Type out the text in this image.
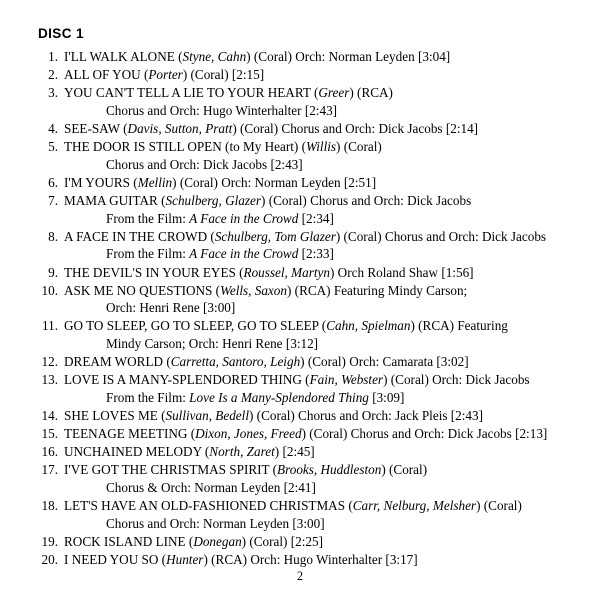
DISC 1
1. I'LL WALK ALONE (Styne, Cahn) (Coral) Orch: Norman Leyden [3:04]
2. ALL OF YOU (Porter) (Coral) [2:15]
3. YOU CAN'T TELL A LIE TO YOUR HEART (Greer) (RCA)
Chorus and Orch: Hugo Winterhalter [2:43]
4. SEE-SAW (Davis, Sutton, Pratt) (Coral) Chorus and Orch: Dick Jacobs [2:14]
5. THE DOOR IS STILL OPEN (to My Heart) (Willis) (Coral)
Chorus and Orch: Dick Jacobs [2:43]
6. I'M YOURS (Mellin) (Coral) Orch: Norman Leyden [2:51]
7. MAMA GUITAR (Schulberg, Glazer) (Coral) Chorus and Orch: Dick Jacobs
From the Film: A Face in the Crowd [2:34]
8. A FACE IN THE CROWD (Schulberg, Tom Glazer) (Coral) Chorus and Orch: Dick Jacobs
From the Film: A Face in the Crowd [2:33]
9. THE DEVIL'S IN YOUR EYES (Roussel, Martyn) Orch Roland Shaw [1:56]
10. ASK ME NO QUESTIONS (Wells, Saxon) (RCA) Featuring Mindy Carson;
Orch: Henri Rene [3:00]
11. GO TO SLEEP, GO TO SLEEP, GO TO SLEEP (Cahn, Spielman) (RCA) Featuring
Mindy Carson; Orch: Henri Rene [3:12]
12. DREAM WORLD (Carretta, Santoro, Leigh) (Coral) Orch: Camarata [3:02]
13. LOVE IS A MANY-SPLENDORED THING (Fain, Webster) (Coral) Orch: Dick Jacobs
From the Film: Love Is a Many-Splendored Thing [3:09]
14. SHE LOVES ME (Sullivan, Bedell) (Coral) Chorus and Orch: Jack Pleis [2:43]
15. TEENAGE MEETING (Dixon, Jones, Freed) (Coral) Chorus and Orch: Dick Jacobs [2:13]
16. UNCHAINED MELODY (North, Zaret) [2:45]
17. I'VE GOT THE CHRISTMAS SPIRIT (Brooks, Huddleston) (Coral)
Chorus & Orch: Norman Leyden [2:41]
18. LET'S HAVE AN OLD-FASHIONED CHRISTMAS (Carr, Nelburg, Melsher) (Coral)
Chorus and Orch: Norman Leyden [3:00]
19. ROCK ISLAND LINE (Donegan) (Coral) [2:25]
20. I NEED YOU SO (Hunter) (RCA) Orch: Hugo Winterhalter [3:17]
2
